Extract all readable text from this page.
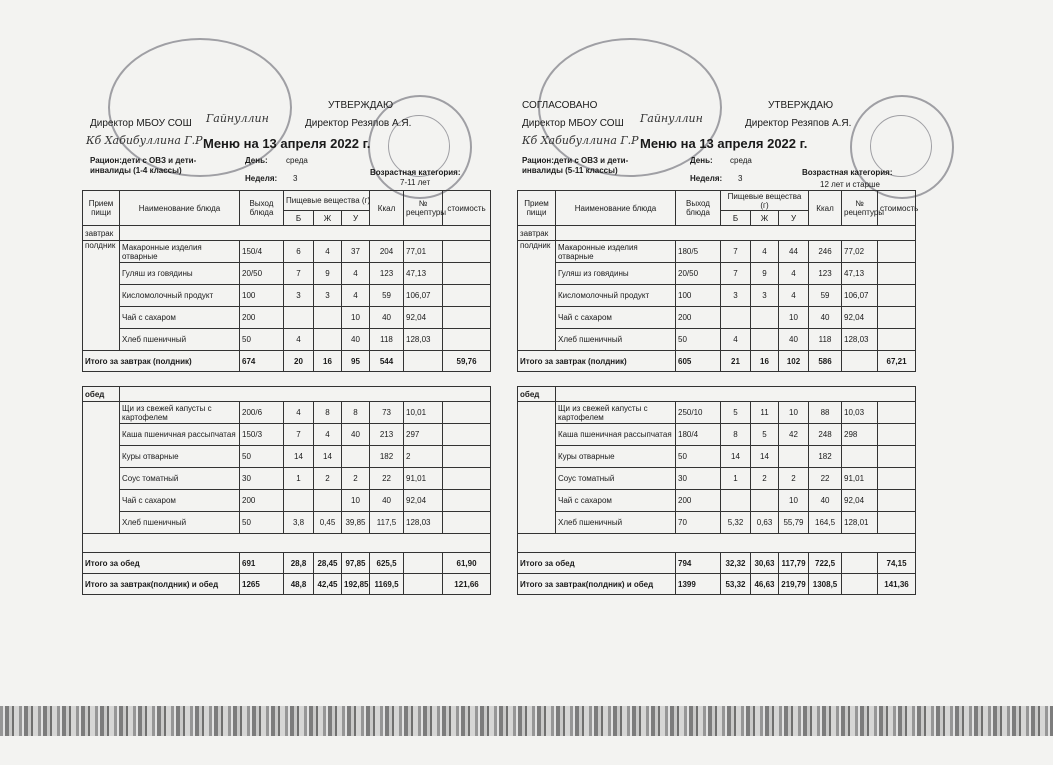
Гайнуллин
Кб Хабибуллина Г.Р
Гайнуллин
Кб Хабибуллина Г.Р
УТВЕРЖДАЮ
Директор МБОУ СОШ	Директор Резяпов А.Я.
Меню на 13 апреля 2022 г.
Рацион:дети с ОВЗ и дети-
инвалиды (1-4 классы)
День: среда
Неделя: 3
Возрастная категория:
7-11 лет
Прием пищи	Наименование блюда	Выход блюда	Пищевые вещества (г)			Ккал	№ рецептуры	стоимость
			Б	Ж	У			
завтрак								
полдник	Макаронные изделия отварные	150/4	6	4	37	204	77,01	
	Гуляш из говядины	20/50	7	9	4	123	47,13	
	Кисломолочный продукт	100	3	3	4	59	106,07	
	Чай с сахаром	200			10	40	92,04	
	Хлеб пшеничный	50	4		40	118	128,03	
Итого за завтрак (полдник)		674	20	16	95	544		59,76

обед								
	Щи из свежей капусты с картофелем	200/6	4	8	8	73	10,01	
	Каша пшеничная рассыпчатая	150/3	7	4	40	213	297	
	Куры отварные	50	14	14		182	2	
	Соус томатный	30	1	2	2	22	91,01	
	Чай с сахаром	200			10	40	92,04	
	Хлеб пшеничный	50	3,8	0,45	39,85	117,5	128,03	

Итого за обед		691	28,8	28,45	97,85	625,5		61,90
Итого за завтрак(полдник) и обед		1265	48,8	42,45	192,85	1169,5		121,66
СОГЛАСОВАНО	УТВЕРЖДАЮ
Директор МБОУ СОШ	Директор Резяпов А.Я.
Меню на 13 апреля 2022 г.
Рацион:дети с ОВЗ и дети-
инвалиды (5-11 классы)
День: среда
Неделя: 3
Возрастная категория:
12 лет и старше
Прием пищи	Наименование блюда	Выход блюда	Пищевые вещества (г)			Ккал	№ рецептуры	стоимость
			Б	Ж	У			
завтрак								
полдник	Макаронные изделия отварные	180/5	7	4	44	246	77,02	
	Гуляш из говядины	20/50	7	9	4	123	47,13	
	Кисломолочный продукт	100	3	3	4	59	106,07	
	Чай с сахаром	200			10	40	92,04	
	Хлеб пшеничный	50	4		40	118	128,03	
Итого за завтрак (полдник)		605	21	16	102	586		67,21

обед								
	Щи из свежей капусты с картофелем	250/10	5	11	10	88	10,03	
	Каша пшеничная рассыпчатая	180/4	8	5	42	248	298	
	Куры отварные	50	14	14		182		
	Соус томатный	30	1	2	2	22	91,01	
	Чай с сахаром	200			10	40	92,04	
	Хлеб пшеничный	70	5,32	0,63	55,79	164,5	128,01	

Итого за обед		794	32,32	30,63	117,79	722,5		74,15
Итого за завтрак(полдник) и обед		1399	53,32	46,63	219,79	1308,5		141,36
